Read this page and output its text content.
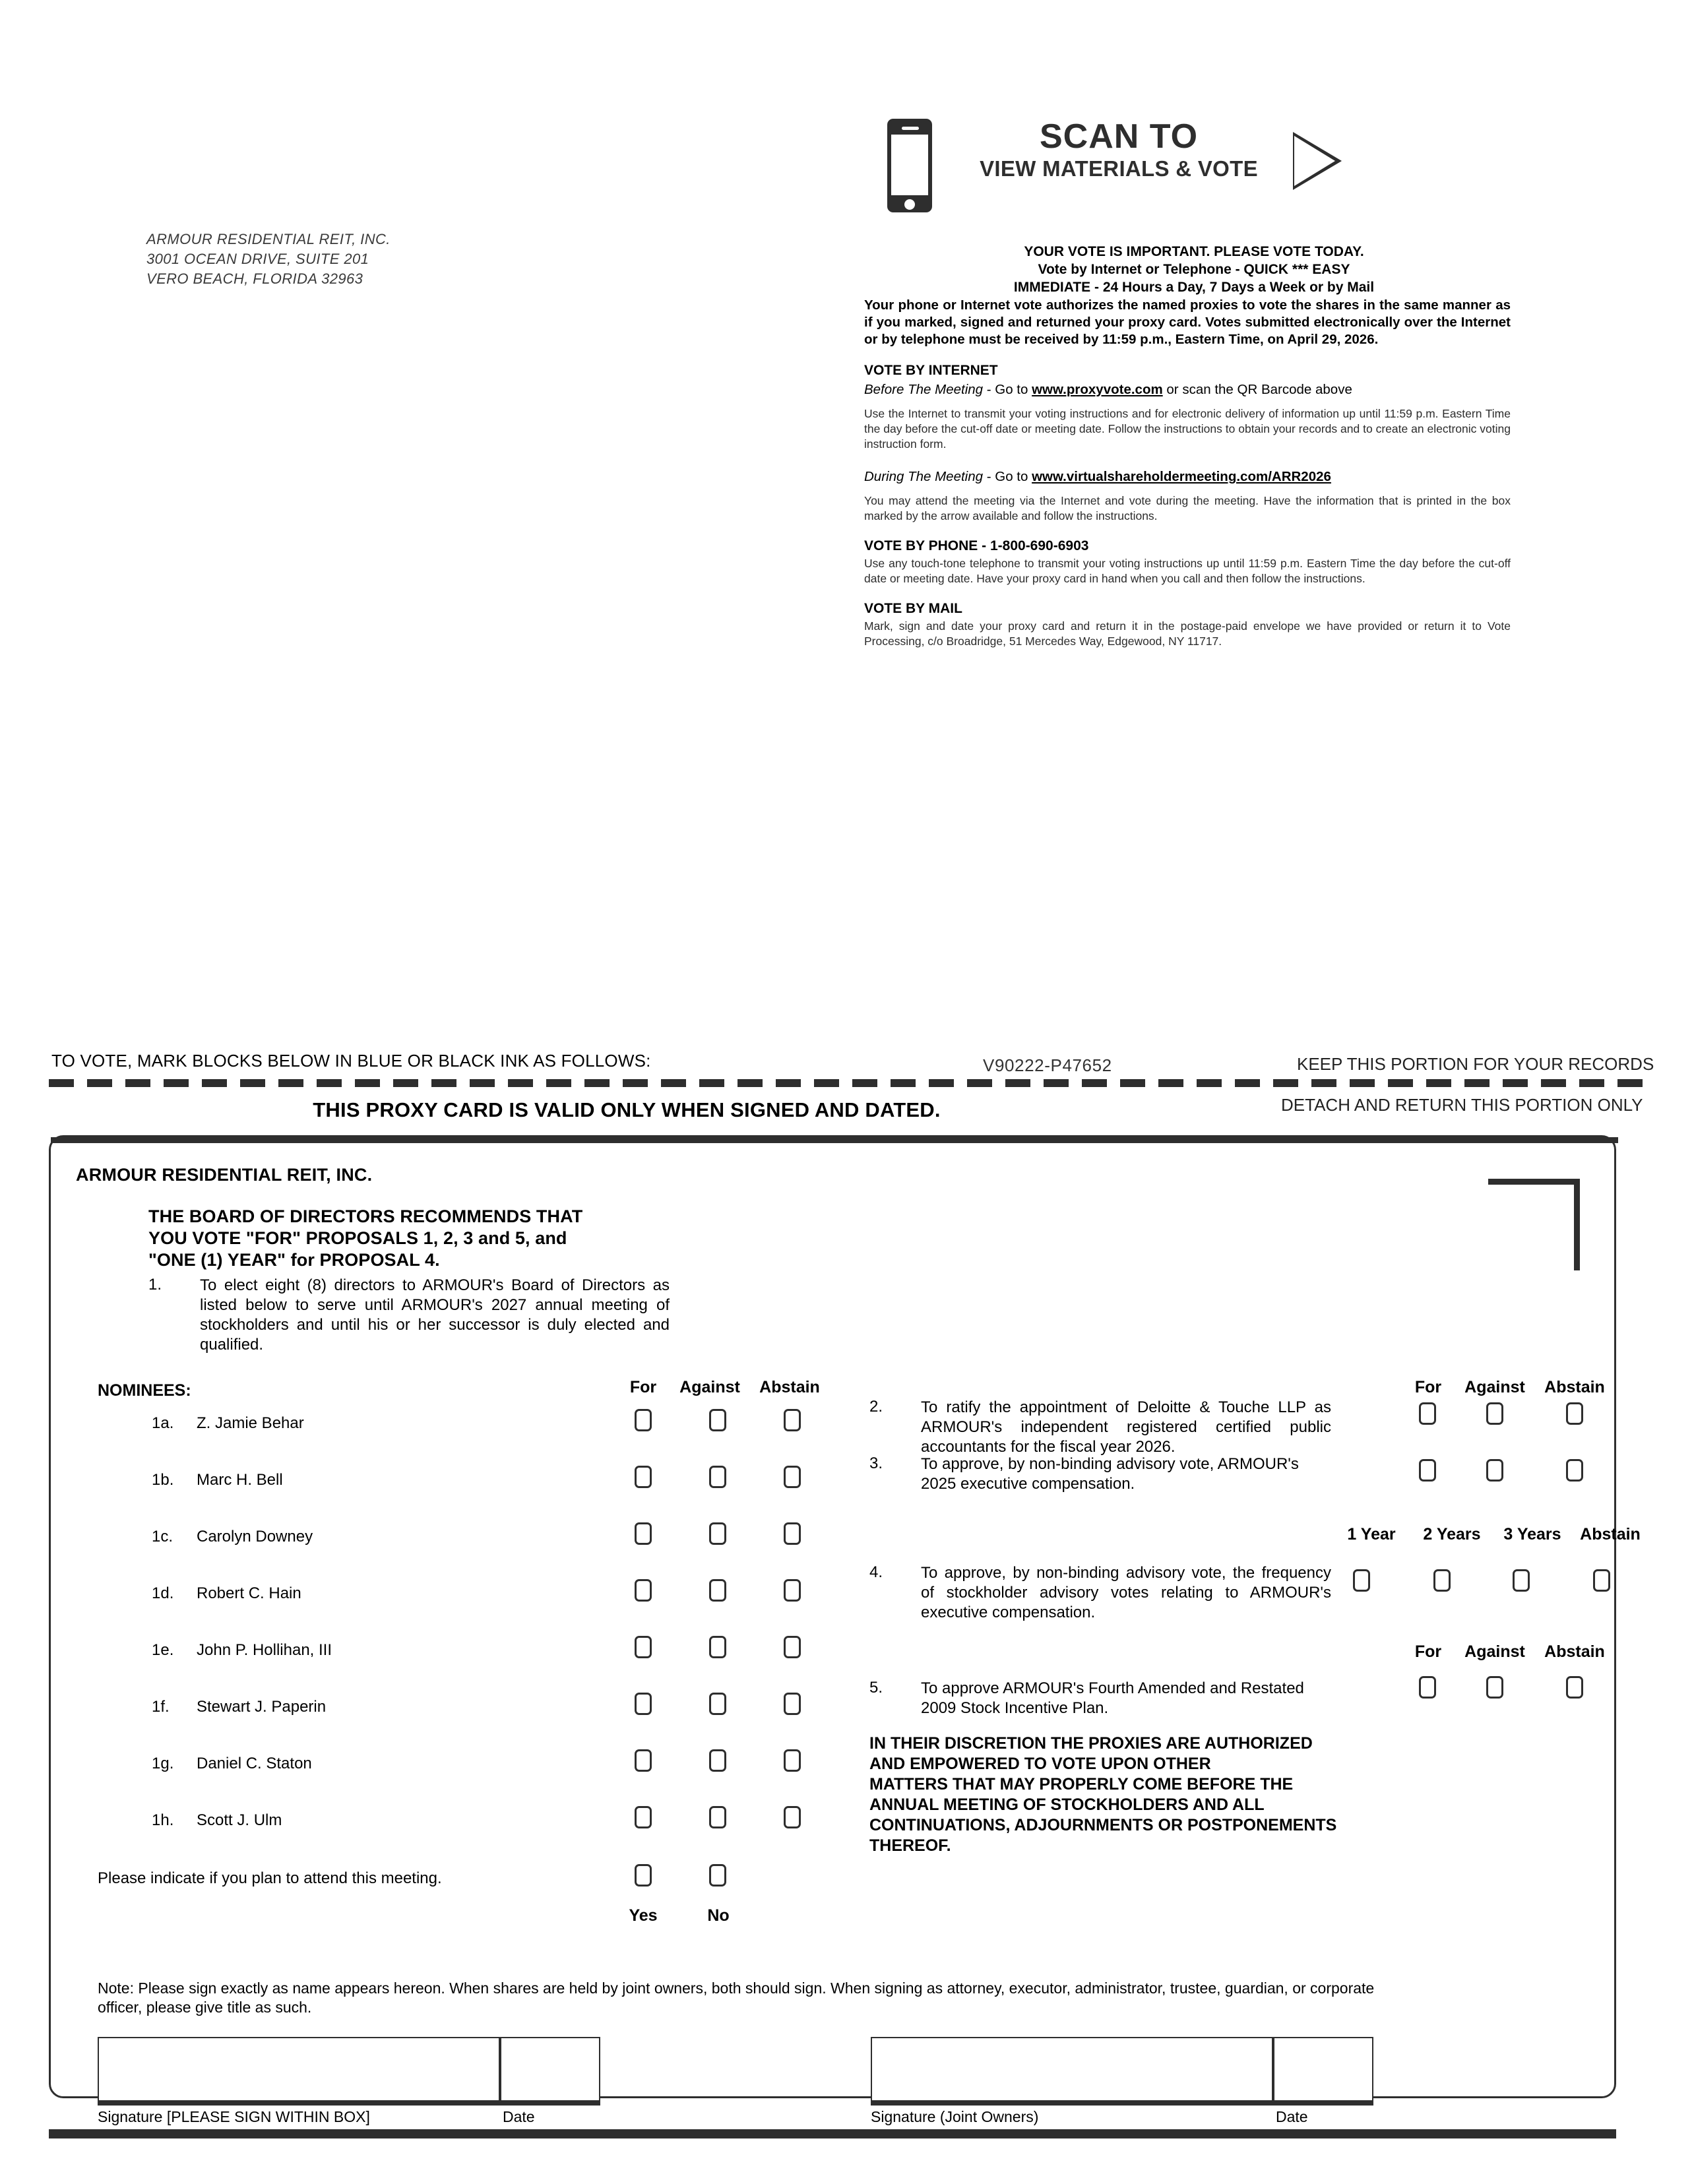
ARMOUR RESIDENTIAL REIT, INC.
3001 OCEAN DRIVE, SUITE 201
VERO BEACH, FLORIDA 32963
SCAN TO
VIEW MATERIALS & VOTE
YOUR VOTE IS IMPORTANT. PLEASE VOTE TODAY.
Vote by Internet or Telephone - QUICK *** EASY
IMMEDIATE - 24 Hours a Day, 7 Days a Week or by Mail
Your phone or Internet vote authorizes the named proxies to vote the shares in the same manner as if you marked, signed and returned your proxy card. Votes submitted electronically over the Internet or by telephone must be received by 11:59 p.m., Eastern Time, on April 29, 2026.
VOTE BY INTERNET
Before The Meeting - Go to www.proxyvote.com or scan the QR Barcode above
Use the Internet to transmit your voting instructions and for electronic delivery of information up until 11:59 p.m. Eastern Time the day before the cut-off date or meeting date. Follow the instructions to obtain your records and to create an electronic voting instruction form.
During The Meeting - Go to www.virtualshareholdermeeting.com/ARR2026
You may attend the meeting via the Internet and vote during the meeting. Have the information that is printed in the box marked by the arrow available and follow the instructions.
VOTE BY PHONE - 1-800-690-6903
Use any touch-tone telephone to transmit your voting instructions up until 11:59 p.m. Eastern Time the day before the cut-off date or meeting date. Have your proxy card in hand when you call and then follow the instructions.
VOTE BY MAIL
Mark, sign and date your proxy card and return it in the postage-paid envelope we have provided or return it to Vote Processing, c/o Broadridge, 51 Mercedes Way, Edgewood, NY 11717.
TO VOTE, MARK BLOCKS BELOW IN BLUE OR BLACK INK AS FOLLOWS:	V90222-P47652	KEEP THIS PORTION FOR YOUR RECORDS
DETACH AND RETURN THIS PORTION ONLY
THIS PROXY CARD IS VALID ONLY WHEN SIGNED AND DATED.
ARMOUR RESIDENTIAL REIT, INC.
THE BOARD OF DIRECTORS RECOMMENDS THAT
YOU VOTE "FOR" PROPOSALS 1, 2, 3 and 5, and
"ONE (1) YEAR" for PROPOSAL 4.
1. To elect eight (8) directors to ARMOUR's Board of Directors as listed below to serve until ARMOUR's 2027 annual meeting of stockholders and until his or her successor is duly elected and qualified.
NOMINEES:	For	Against	Abstain	For	Against	Abstain
1 Year	2 Years	3 Years	Abstain
For	Against	Abstain
1a. Z. Jamie Behar
1b. Marc H. Bell
1c. Carolyn Downey
1d. Robert C. Hain
1e. John P. Hollihan, III
1f. Stewart J. Paperin
1g. Daniel C. Staton
1h. Scott J. Ulm
2. To ratify the appointment of Deloitte & Touche LLP as ARMOUR's independent registered certified public accountants for the fiscal year 2026.
3. To approve, by non-binding advisory vote, ARMOUR's 2025 executive compensation.
4. To approve, by non-binding advisory vote, the frequency of stockholder advisory votes relating to ARMOUR's executive compensation.
5. To approve ARMOUR's Fourth Amended and Restated 2009 Stock Incentive Plan.
IN THEIR DISCRETION THE PROXIES ARE AUTHORIZED
AND EMPOWERED TO VOTE UPON OTHER
MATTERS THAT MAY PROPERLY COME BEFORE THE
ANNUAL MEETING OF STOCKHOLDERS AND ALL
CONTINUATIONS, ADJOURNMENTS OR POSTPONEMENTS
THEREOF.
Please indicate if you plan to attend this meeting.
Yes	No
Note: Please sign exactly as name appears hereon. When shares are held by joint owners, both should sign. When signing as attorney, executor, administrator, trustee, guardian, or corporate officer, please give title as such.
Signature [PLEASE SIGN WITHIN BOX]	Date	Signature (Joint Owners)	Date
